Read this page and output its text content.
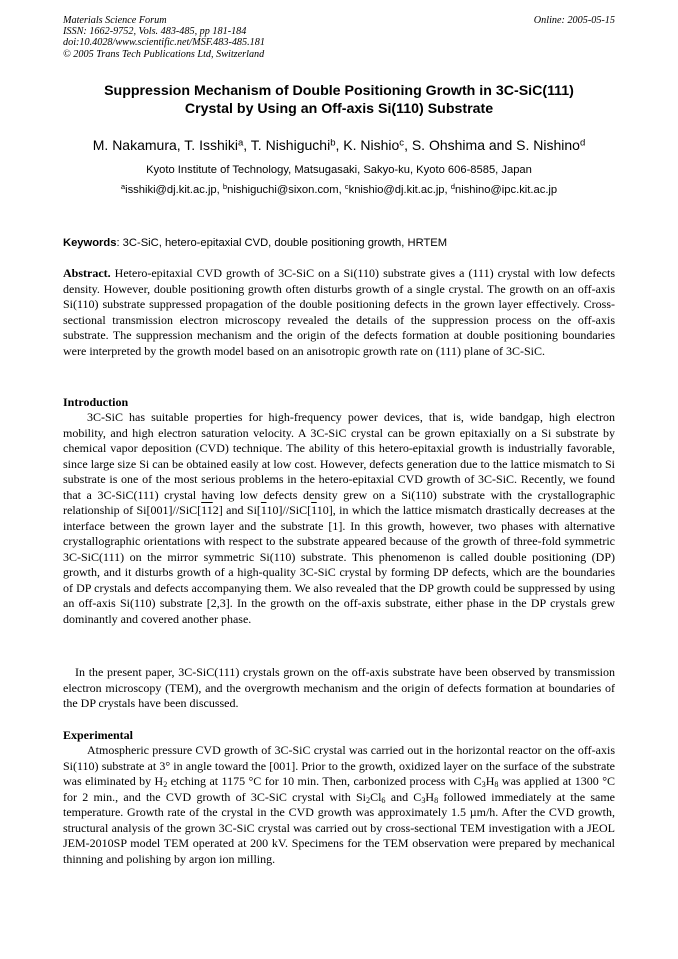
Materials Science Forum
ISSN: 1662-9752, Vols. 483-485, pp 181-184
doi:10.4028/www.scientific.net/MSF.483-485.181
© 2005 Trans Tech Publications Ltd, Switzerland
Online: 2005-05-15
Suppression Mechanism of Double Positioning Growth in 3C-SiC(111)
Crystal by Using an Off-axis Si(110) Substrate
M. Nakamura, T. Isshiki$^a$, T. Nishiguchi$^b$, K. Nishio$^c$, S. Ohshima and S. Nishino$^d$
Kyoto Institute of Technology, Matsugasaki, Sakyo-ku, Kyoto 606-8585, Japan
$^a$isshiki@dj.kit.ac.jp, $^b$nishiguchi@sixon.com, $^c$knishio@dj.kit.ac.jp, $^d$nishino@ipc.kit.ac.jp
Keywords: 3C-SiC, hetero-epitaxial CVD, double positioning growth, HRTEM
Abstract. Hetero-epitaxial CVD growth of 3C-SiC on a Si(110) substrate gives a (111) crystal with low defects density. However, double positioning growth often disturbs growth of a single crystal. The growth on an off-axis Si(110) substrate suppressed propagation of the double positioning defects in the grown layer effectively. Cross-sectional transmission electron microscopy revealed the details of the suppression process on the off-axis substrate. The suppression mechanism and the origin of the defects formation at double positioning boundaries were interpreted by the growth model based on an anisotropic growth rate on (111) plane of 3C-SiC.
Introduction
3C-SiC has suitable properties for high-frequency power devices, that is, wide bandgap, high electron mobility, and high electron saturation velocity. A 3C-SiC crystal can be grown epitaxially on a Si substrate by chemical vapor deposition (CVD) technique. The ability of this hetero-epitaxial growth is industrially favorable, since large size Si can be obtained easily at low cost. However, defects generation due to the lattice mismatch to Si substrate is one of the most serious problems in the hetero-epitaxial CVD growth of 3C-SiC. Recently, we found that a 3C-SiC(111) crystal having low defects density grew on a Si(110) substrate with the crystallographic relationship of Si[001]//SiC[112] and Si[110]//SiC[110], in which the lattice mismatch drastically decreases at the interface between the grown layer and the substrate [1]. In this growth, however, two phases with alternative crystallographic orientations with respect to the substrate appeared because of the growth of three-fold symmetric 3C-SiC(111) on the mirror symmetric Si(110) substrate. This phenomenon is called double positioning (DP) growth, and it disturbs growth of a high-quality 3C-SiC crystal by forming DP defects, which are the boundaries of DP crystals and defects accompanying them. We also revealed that the DP growth could be suppressed by using an off-axis Si(110) substrate [2,3]. In the growth on the off-axis substrate, either phase in the DP crystals grew dominantly and covered another phase.
In the present paper, 3C-SiC(111) crystals grown on the off-axis substrate have been observed by transmission electron microscopy (TEM), and the overgrowth mechanism and the origin of defects formation at boundaries of the DP crystals have been discussed.
Experimental
Atmospheric pressure CVD growth of 3C-SiC crystal was carried out in the horizontal reactor on the off-axis Si(110) substrate at 3° in angle toward the [001]. Prior to the growth, oxidized layer on the surface of the substrate was eliminated by $H_2$ etching at 1175 °C for 10 min. Then, carbonized process with $C_3H_8$ was applied at 1300 °C for 2 min., and the CVD growth of 3C-SiC crystal with $Si_2Cl_6$ and $C_3H_8$ followed immediately at the same temperature. Growth rate of the crystal in the CVD growth was approximately 1.5 µm/h. After the CVD growth, structural analysis of the grown 3C-SiC crystal was carried out by cross-sectional TEM investigation with a JEOL JEM-2010SP model TEM operated at 200 kV. Specimens for the TEM observation were prepared by mechanical thinning and polishing by argon ion milling.
